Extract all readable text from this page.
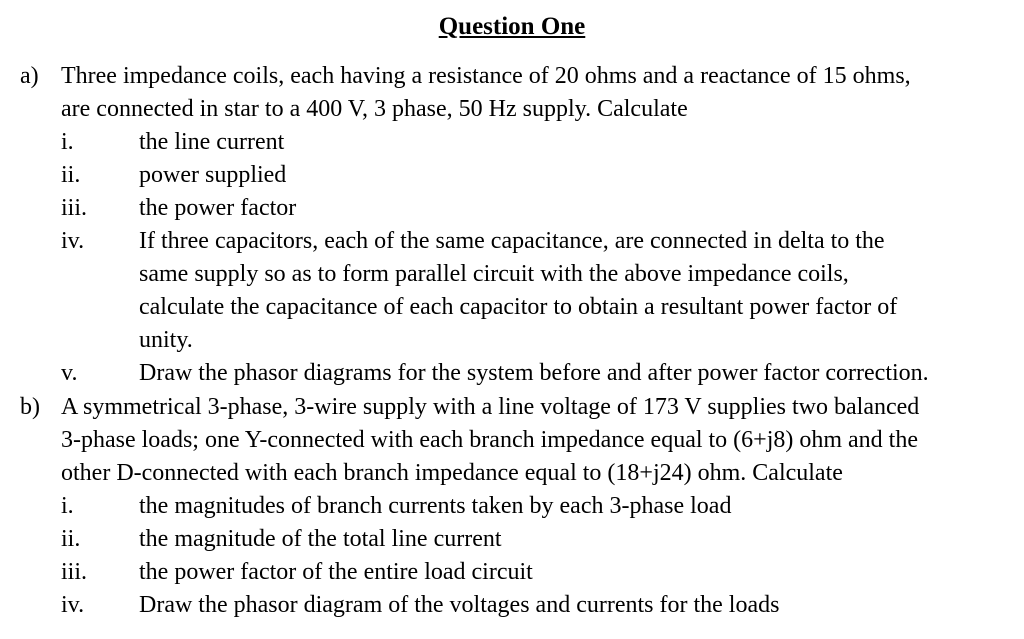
Question One
a) Three impedance coils, each having a resistance of 20 ohms and a reactance of 15 ohms,
are connected in star to a 400 V, 3 phase, 50 Hz supply. Calculate
i.	the line current
ii. power supplied
iii. the power factor
iv. If three capacitors, each of the same capacitance, are connected in delta to the
same supply so as to form parallel circuit with the above impedance coils,
calculate the capacitance of each capacitor to obtain a resultant power factor of
unity.
v.	Draw the phasor diagrams for the system before and after power factor correction.
b) A symmetrical 3-phase, 3-wire supply with a line voltage of 173 V supplies two balanced
3-phase loads; one Y-connected with each branch impedance equal to (6+j8) ohm and the
other D-connected with each branch impedance equal to (18+j24) ohm. Calculate
i.	the magnitudes of branch currents taken by each 3-phase load
ii. the magnitude of the total line current
iii. the power factor of the entire load circuit
iv. Draw the phasor diagram of the voltages and currents for the loads
